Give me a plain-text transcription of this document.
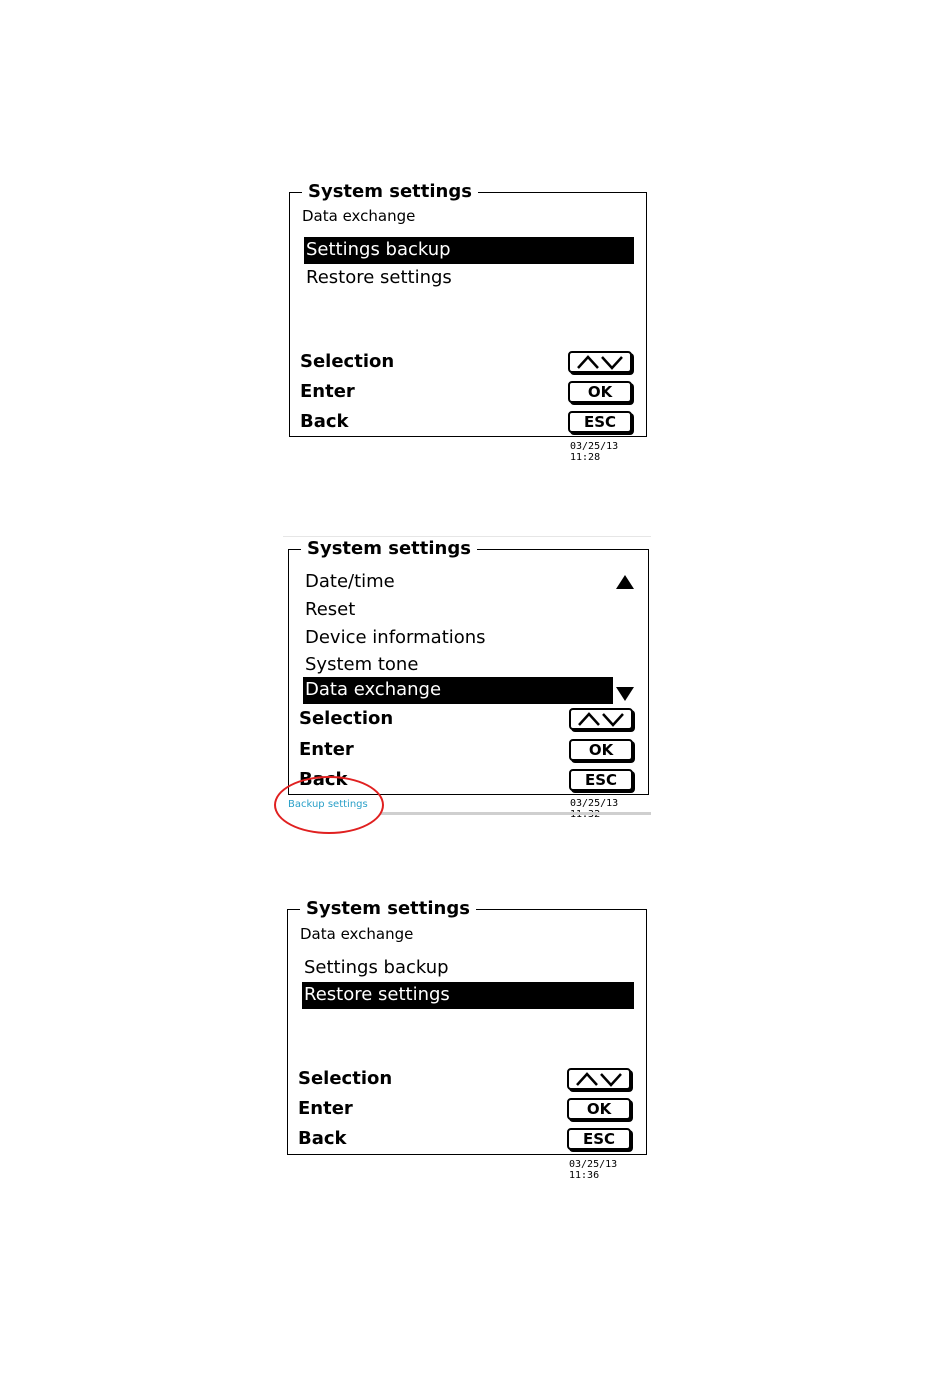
System settings
Data exchange
Settings backup
Restore settings
Selection
Enter	OK
Back	ESC
03/25/13 11:28
System settings
Date/time
Reset
Device informations
System tone
Data exchange
Selection
Enter	OK
Back	ESC
Backup settings	03/25/13
System settings
Data exchange
Settings backup
Restore settings
Selection
Enter	OK
Back	ESC
03/25/13 11:36
